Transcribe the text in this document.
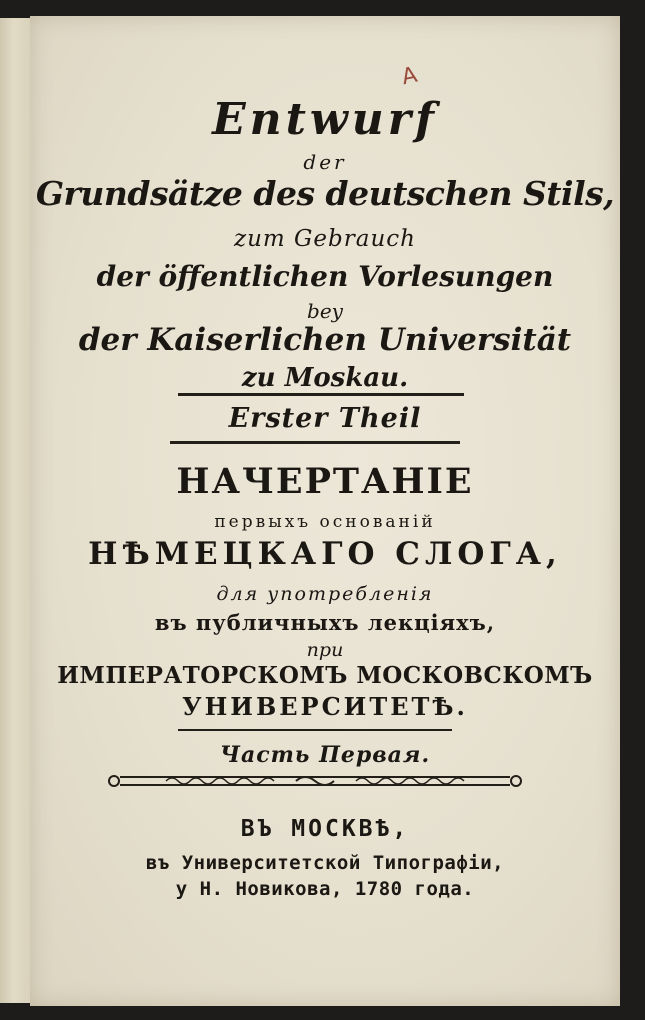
A
Entwurf
der
Grundsätze des deutschen Stils,
zum Gebrauch
der öffentlichen Vorlesungen
bey
der Kaiserlichen Universität
zu Moskau.
Erster Theil
НАЧЕРТАНІЕ
первыхъ основаній
НѢМЕЦКАГО СЛОГА,
для употребленія
въ публичныхъ лекціяхъ,
при
ИМПЕРАТОРСКОМЪ МОСКОВСКОМЪ
УНИВЕРСИТЕТѢ.
Часть Первая.
ВЪ МОСКВѢ,
въ Университетской Типографіи,
у Н. Новикова, 1780 года.
